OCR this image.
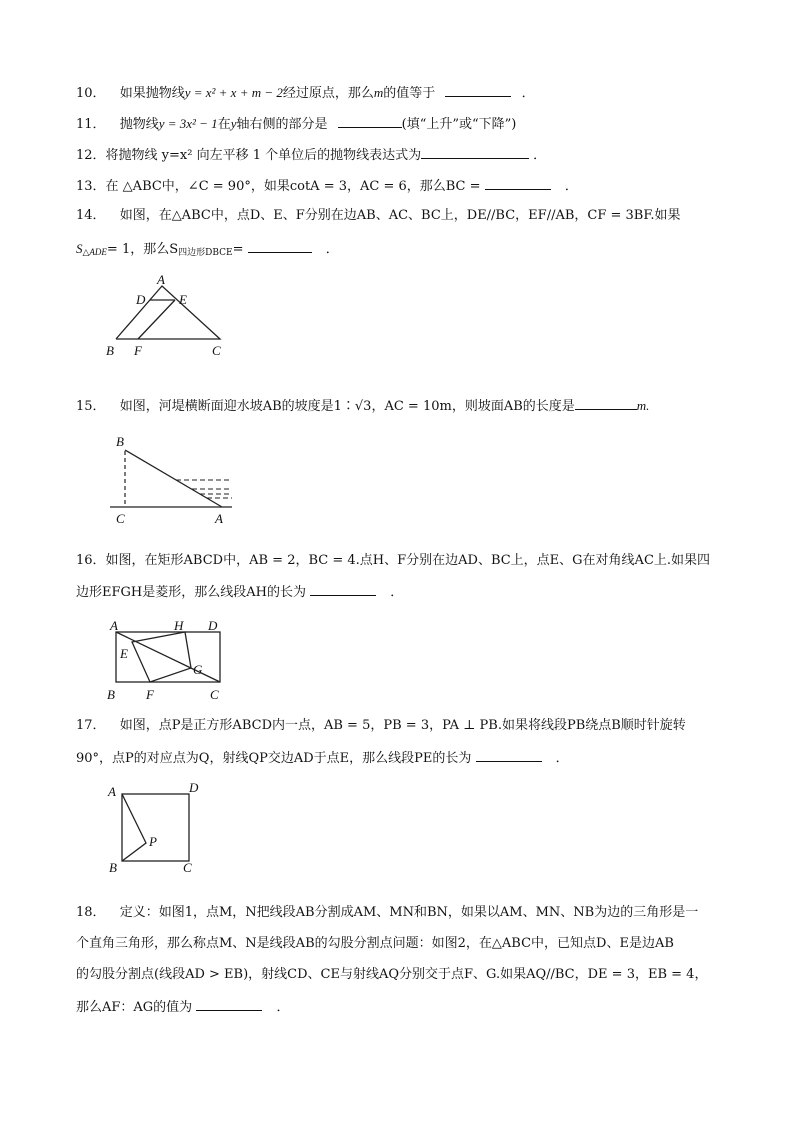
10． 如果抛物线y = x² + x + m − 2经过原点，那么m的值等于	．
11． 抛物线y = 3x² − 1在y轴右侧的部分是	(填“上升”或“下降”)
12．将抛物线 y=x² 向左平移 1 个单位后的抛物线表达式为	．
13．在 △ABC中，∠C = 90°，如果cotA = 3，AC = 6，那么BC =	．
14． 如图，在△ABC中，点D、E、F分别在边AB、AC、BC上，DE//BC，EF//AB，CF = 3BF.如果
$S_{\triangle ADE}= 1$，那么$S_{四边形DBCE}=$	．
A
D	E
B F	C
15． 如图，河堤横断面迎水坡AB的坡度是1∶√3，AC = 10m，则坡面AB的长度是	m.
B
C	A
16．如图，在矩形ABCD中，AB = 2，BC = 4.点H、F分别在边AD、BC上，点E、G在对角线AC上.如果四
边形EFGH是菱形，那么线段AH的长为	．
A	H D
E
G
B F	C
17． 如图，点P是正方形ABCD内一点，AB = 5，PB = 3，PA ⊥ PB.如果将线段PB绕点B顺时针旋转
90°，点P的对应点为Q，射线QP交边AD于点E，那么线段PE的长为	．
A	D
P
B	C
18． 定义：如图1，点M，N把线段AB分割成AM、MN和BN，如果以AM、MN、NB为边的三角形是一
个直角三角形，那么称点M、N是线段AB的勾股分割点问题：如图2，在△ABC中，已知点D、E是边AB
的勾股分割点(线段AD > EB)，射线CD、CE与射线AQ分别交于点F、G.如果AQ//BC，DE = 3，EB = 4，
那么AF：AG的值为	．
